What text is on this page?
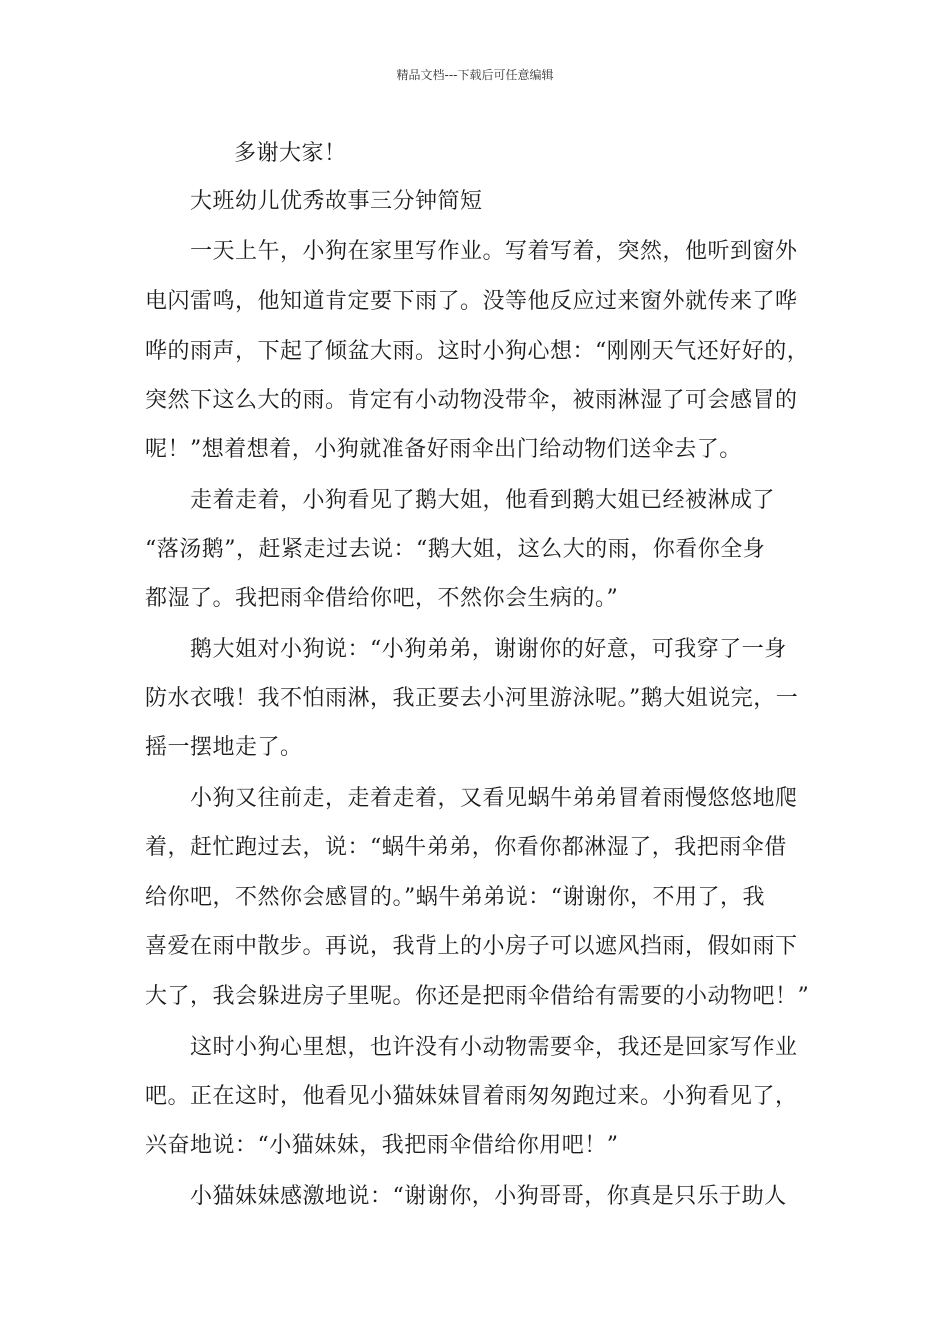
精品文档---下载后可任意编辑
多谢大家！
大班幼儿优秀故事三分钟简短
一天上午，小狗在家里写作业。写着写着，突然，他听到窗外
电闪雷鸣，他知道肯定要下雨了。没等他反应过来窗外就传来了哗
哗的雨声，下起了倾盆大雨。这时小狗心想：“刚刚天气还好好的，
突然下这么大的雨。肯定有小动物没带伞，被雨淋湿了可会感冒的
呢！”想着想着，小狗就准备好雨伞出门给动物们送伞去了。
走着走着，小狗看见了鹅大姐，他看到鹅大姐已经被淋成了
“落汤鹅”，赶紧走过去说：“鹅大姐，这么大的雨，你看你全身
都湿了。我把雨伞借给你吧，不然你会生病的。”
鹅大姐对小狗说：“小狗弟弟，谢谢你的好意，可我穿了一身
防水衣哦！我不怕雨淋，我正要去小河里游泳呢。”鹅大姐说完，一
摇一摆地走了。
小狗又往前走，走着走着，又看见蜗牛弟弟冒着雨慢悠悠地爬
着，赶忙跑过去，说：“蜗牛弟弟，你看你都淋湿了，我把雨伞借
给你吧，不然你会感冒的。”蜗牛弟弟说：“谢谢你，不用了，我
喜爱在雨中散步。再说，我背上的小房子可以遮风挡雨，假如雨下
大了，我会躲进房子里呢。你还是把雨伞借给有需要的小动物吧！”
这时小狗心里想，也许没有小动物需要伞，我还是回家写作业
吧。正在这时，他看见小猫妹妹冒着雨匆匆跑过来。小狗看见了，
兴奋地说：“小猫妹妹，我把雨伞借给你用吧！”
小猫妹妹感激地说：“谢谢你，小狗哥哥，你真是只乐于助人
